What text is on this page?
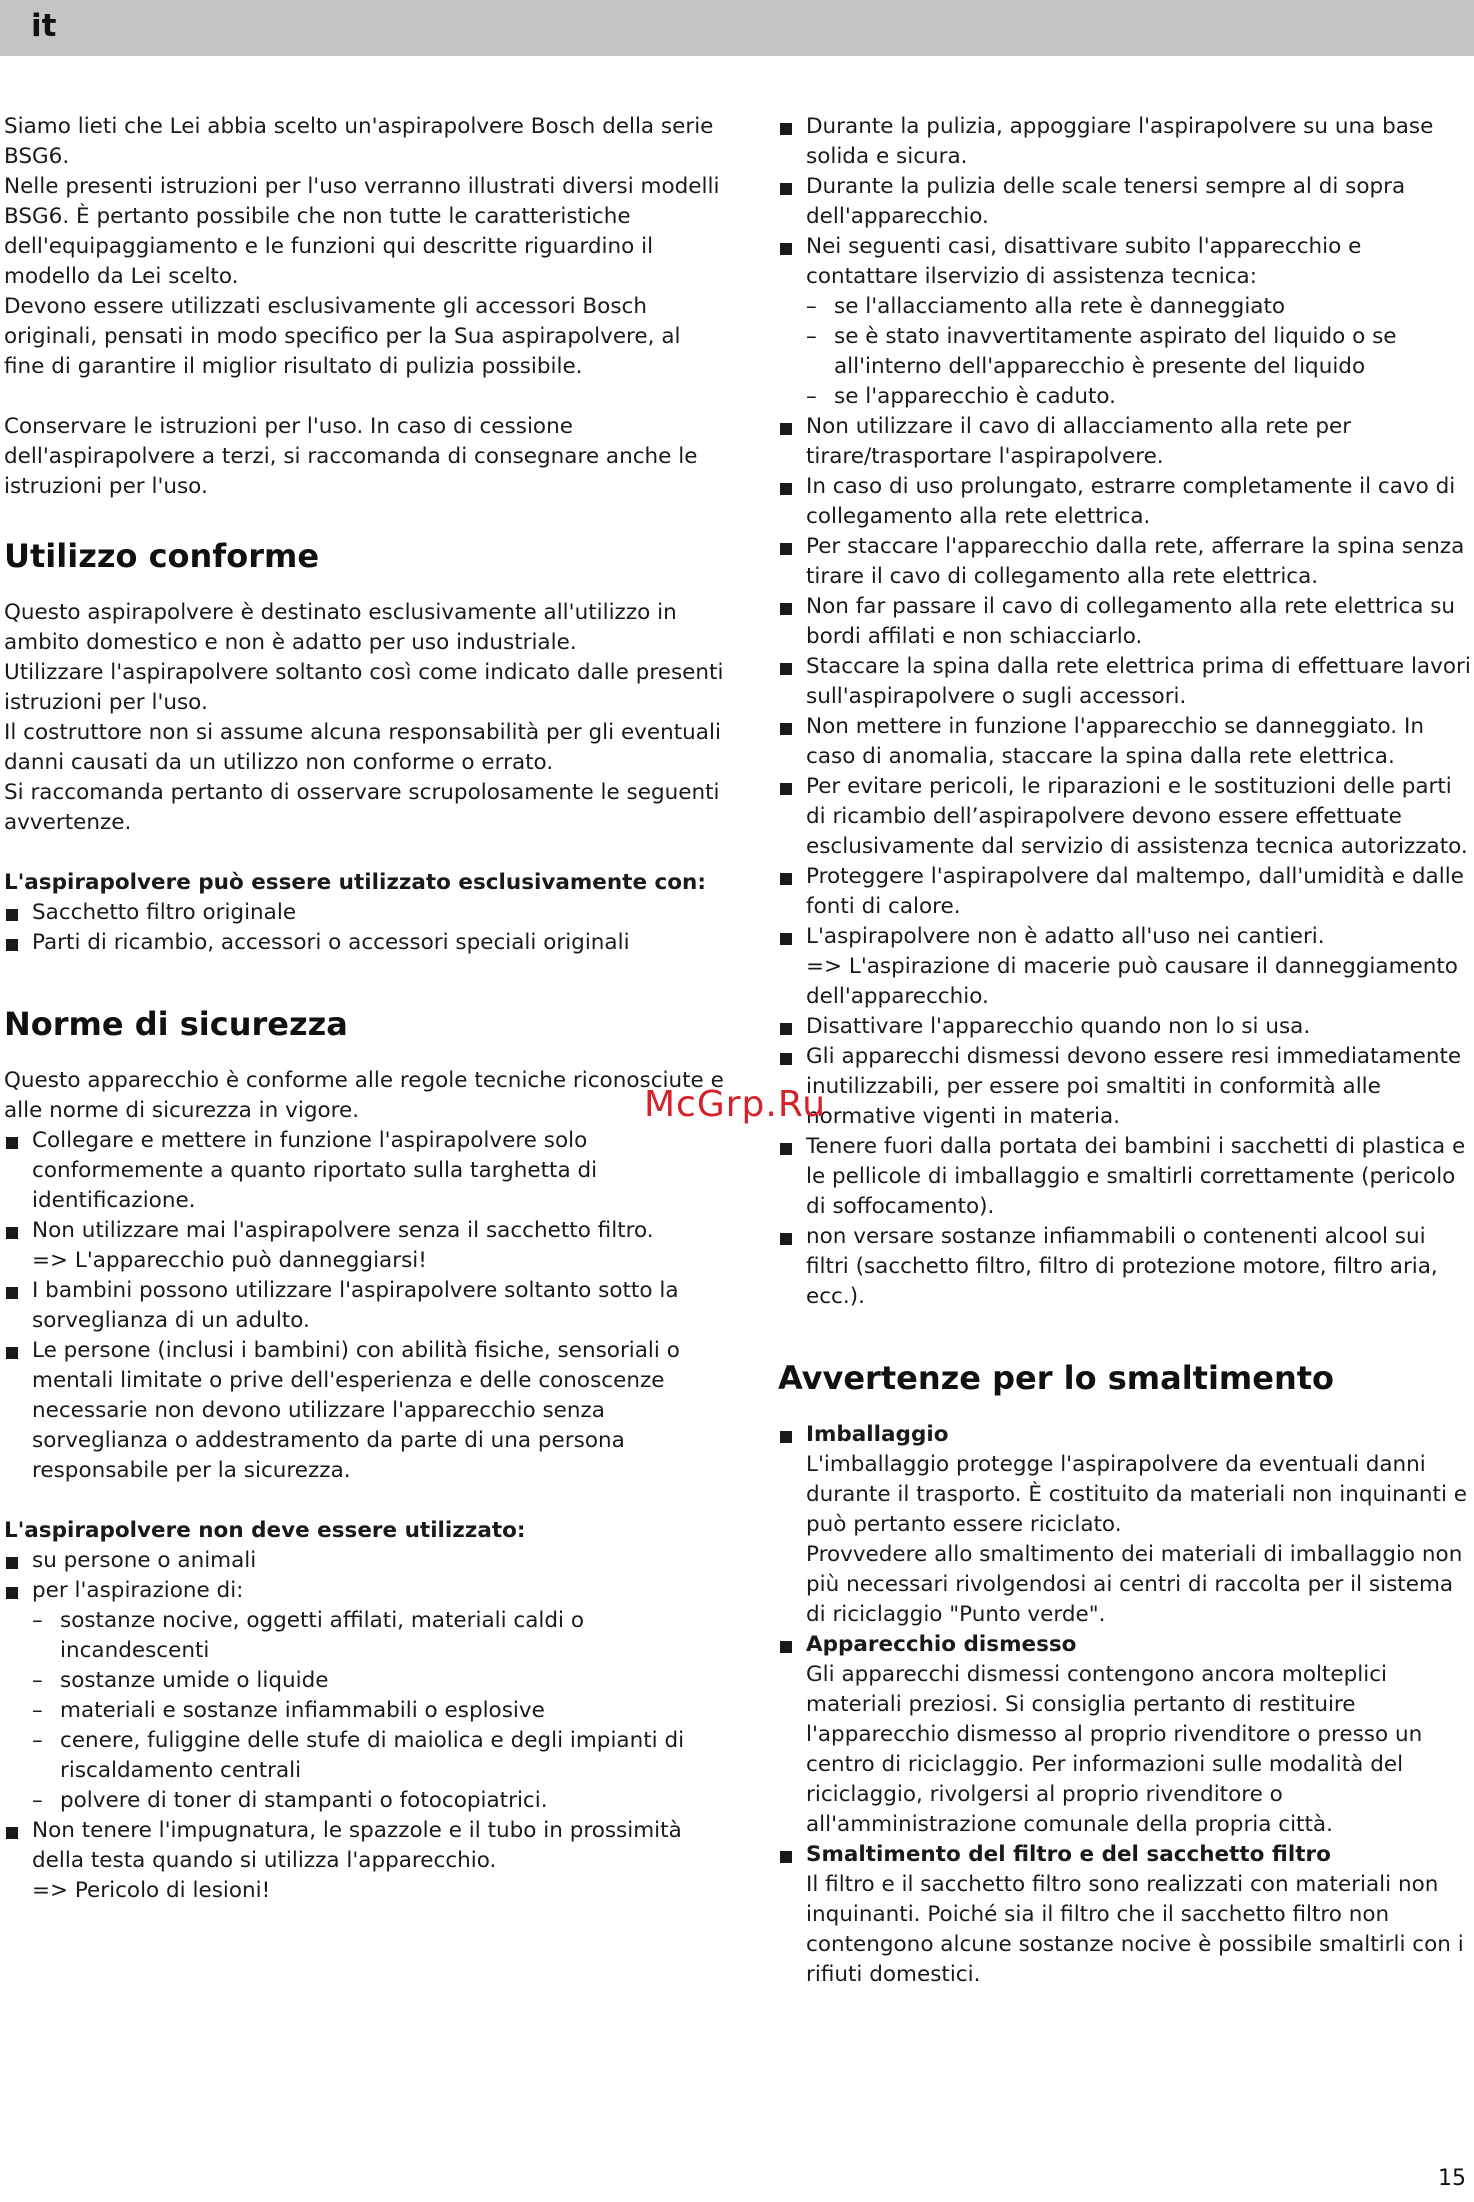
it

Siamo lieti che Lei abbia scelto un'aspirapolvere Bosch della serie BSG6.

Nelle presenti istruzioni per l'uso verranno illustrati diversi modelli BSG6. È pertanto possibile che non tutte le caratteristiche dell'equipaggiamento e le funzioni qui descritte riguardino il modello da Lei scelto.

Devono essere utilizzati esclusivamente gli accessori Bosch originali, pensati in modo specifico per la Sua aspirapolvere, al fine di garantire il miglior risultato di pulizia possibile.

Conservare le istruzioni per l'uso. In caso di cessione dell'aspirapolvere a terzi, si raccomanda di consegnare anche le istruzioni per l'uso.

Utilizzo conforme

Questo aspirapolvere è destinato esclusivamente all'utilizzo in ambito domestico e non è adatto per uso industriale.

Utilizzare l'aspirapolvere soltanto così come indicato dalle presenti istruzioni per l'uso.

Il costruttore non si assume alcuna responsabilità per gli eventuali danni causati da un utilizzo non conforme o errato.

Si raccomanda pertanto di osservare scrupolosamente le seguenti avvertenze.

L'aspirapolvere può essere utilizzato esclusivamente con:

Sacchetto filtro originale
Parti di ricambio, accessori o accessori speciali originali
Norme di sicurezza

Questo apparecchio è conforme alle regole tecniche riconosciute e alle norme di sicurezza in vigore.

Collegare e mettere in funzione l'aspirapolvere solo conformemente a quanto riportato sulla targhetta di identificazione.
Non utilizzare mai l'aspirapolvere senza il sacchetto filtro.
=> L'apparecchio può danneggiarsi!
I bambini possono utilizzare l'aspirapolvere soltanto sotto la sorveglianza di un adulto.
Le persone (inclusi i bambini) con abilità fisiche, sensoriali o mentali limitate o prive dell'esperienza e delle conoscenze necessarie non devono utilizzare l'apparecchio senza sorveglianza o addestramento da parte di una persona responsabile per la sicurezza.

L'aspirapolvere non deve essere utilizzato:

su persone o animali
per l'aspirazione di:
– sostanze nocive, oggetti affilati, materiali caldi o incandescenti
– sostanze umide o liquide
– materiali e sostanze infiammabili o esplosive
– cenere, fuliggine delle stufe di maiolica e degli impianti di riscaldamento centrali
– polvere di toner di stampanti o fotocopiatrici.
Non tenere l'impugnatura, le spazzole e il tubo in prossimità della testa quando si utilizza l'apparecchio.
=> Pericolo di lesioni!
Durante la pulizia, appoggiare l'aspirapolvere su una base solida e sicura.
Durante la pulizia delle scale tenersi sempre al di sopra dell'apparecchio.
Nei seguenti casi, disattivare subito l'apparecchio e contattare ilservizio di assistenza tecnica:
– se l'allacciamento alla rete è danneggiato
– se è stato inavvertitamente aspirato del liquido o se all'interno dell'apparecchio è presente del liquido
– se l'apparecchio è caduto.
Non utilizzare il cavo di allacciamento alla rete per tirare/trasportare l'aspirapolvere.
In caso di uso prolungato, estrarre completamente il cavo di collegamento alla rete elettrica.
Per staccare l'apparecchio dalla rete, afferrare la spina senza tirare il cavo di collegamento alla rete elettrica.
Non far passare il cavo di collegamento alla rete elettrica su bordi affilati e non schiacciarlo.
Staccare la spina dalla rete elettrica prima di effettuare lavori sull'aspirapolvere o sugli accessori.
Non mettere in funzione l'apparecchio se danneggiato. In caso di anomalia, staccare la spina dalla rete elettrica.
Per evitare pericoli, le riparazioni e le sostituzioni delle parti di ricambio dell’aspirapolvere devono essere effettuate esclusivamente dal servizio di assistenza tecnica autorizzato.
Proteggere l'aspirapolvere dal maltempo, dall'umidità e dalle fonti di calore.
L'aspirapolvere non è adatto all'uso nei cantieri.
=> L'aspirazione di macerie può causare il danneggiamento dell'apparecchio.
Disattivare l'apparecchio quando non lo si usa.
Gli apparecchi dismessi devono essere resi immediatamente inutilizzabili, per essere poi smaltiti in conformità alle normative vigenti in materia.
Tenere fuori dalla portata dei bambini i sacchetti di plastica e le pellicole di imballaggio e smaltirli correttamente (pericolo di soffocamento).
non versare sostanze infiammabili o contenenti alcool sui filtri (sacchetto filtro, filtro di protezione motore, filtro aria, ecc.).
Avvertenze per lo smaltimento
Imballaggio

L'imballaggio protegge l'aspirapolvere da eventuali danni durante il trasporto. È costituito da materiali non inquinanti e può pertanto essere riciclato.

Provvedere allo smaltimento dei materiali di imballaggio non più necessari rivolgendosi ai centri di raccolta per il sistema di riciclaggio "Punto verde".

Apparecchio dismesso

Gli apparecchi dismessi contengono ancora molteplici materiali preziosi. Si consiglia pertanto di restituire l'apparecchio dismesso al proprio rivenditore o presso un centro di riciclaggio. Per informazioni sulle modalità del riciclaggio, rivolgersi al proprio rivenditore o all'amministrazione comunale della propria città.

Smaltimento del filtro e del sacchetto filtro

Il filtro e il sacchetto filtro sono realizzati con materiali non inquinanti. Poiché sia il filtro che il sacchetto filtro non contengono alcune sostanze nocive è possibile smaltirli con i rifiuti domestici.

McGrp.Ru
15
